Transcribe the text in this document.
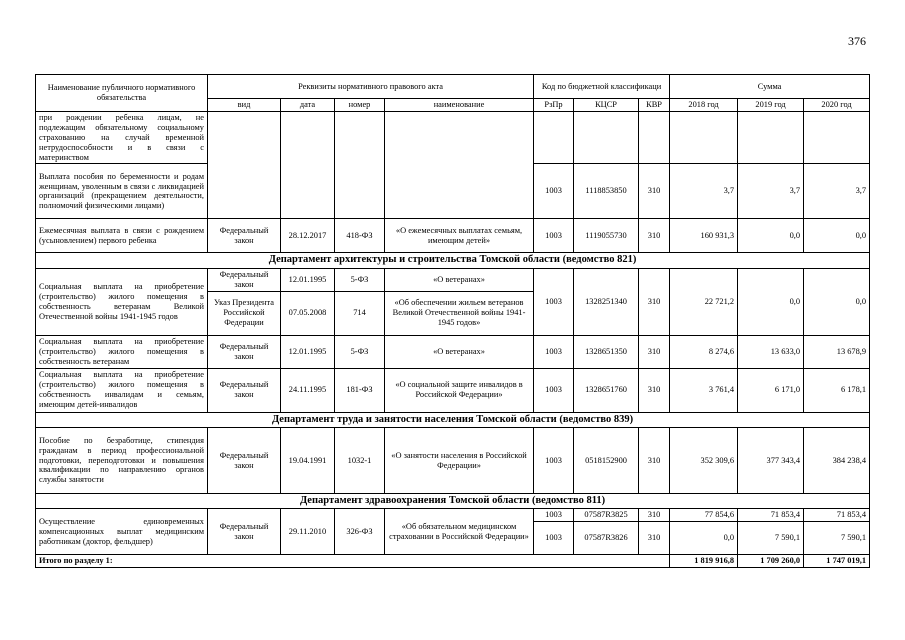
376
Наименование публичного нормативного обязательства	Реквизиты нормативного правового акта				Код по бюджетной классификаци			Сумма		
	вид	дата	номер	наименование	РзПр	КЦСР	КВР	2018 год	2019 год	2020 год
при рождении ребенка лицам, не подлежащим обязательному социальному страхованию на случай временной нетрудоспособности и в связи с материнством										
Выплата пособия по беременности и родам женщинам, уволенным в связи с ликвидацией организаций (прекращением деятельности, полномочий физическими лицами)					1003	1118853850	310	3,7	3,7	3,7
Ежемесячная выплата в связи с рождением (усыновлением) первого ребенка	Федеральный закон	28.12.2017	418-ФЗ	«О ежемесячных выплатах семьям, имеющим детей»	1003	1119055730	310	160 931,3	0,0	0,0
Департамент архитектуры и строительства Томской области (ведомство 821)										
Социальная выплата на приобретение (строительство) жилого помещения в собственность ветеранам Великой Отечественной войны 1941-1945 годов	Федеральный закон	12.01.1995	5-ФЗ	«О ветеранах»	1003	1328251340	310	22 721,2	0,0	0,0
	Указ Президента Российской Федерации	07.05.2008	714	«Об обеспечении жильем ветеранов Великой Отечественной войны 1941-1945 годов»						
Социальная выплата на приобретение (строительство) жилого помещения в собственность ветеранам	Федеральный закон	12.01.1995	5-ФЗ	«О ветеранах»	1003	1328651350	310	8 274,6	13 633,0	13 678,9
Социальная выплата на приобретение (строительство) жилого помещения в собственность инвалидам и семьям, имеющим детей-инвалидов	Федеральный закон	24.11.1995	181-ФЗ	«О социальной защите инвалидов в Российской Федерации»	1003	1328651760	310	3 761,4	6 171,0	6 178,1
Департамент труда и занятости населения Томской области (ведомство 839)										
Пособие по безработице, стипендия гражданам в период профессиональной подготовки, переподготовки и повышения квалификации по направлению органов службы занятости	Федеральный закон	19.04.1991	1032-1	«О занятости населения в Российской Федерации»	1003	0518152900	310	352 309,6	377 343,4	384 238,4
Департамент здравоохранения Томской области (ведомство 811)										
Осуществление единовременных компенсационных выплат медицинским работникам (доктор, фельдшер)	Федеральный закон	29.11.2010	326-ФЗ	«Об обязательном медицинском страховании в Российской Федерации»	1003	07587R3825	310	77 854,6	71 853,4	71 853,4
					1003	07587R3826	310	0,0	7 590,1	7 590,1
Итого по разделу 1:								1 819 916,8	1 709 260,0	1 747 019,1
